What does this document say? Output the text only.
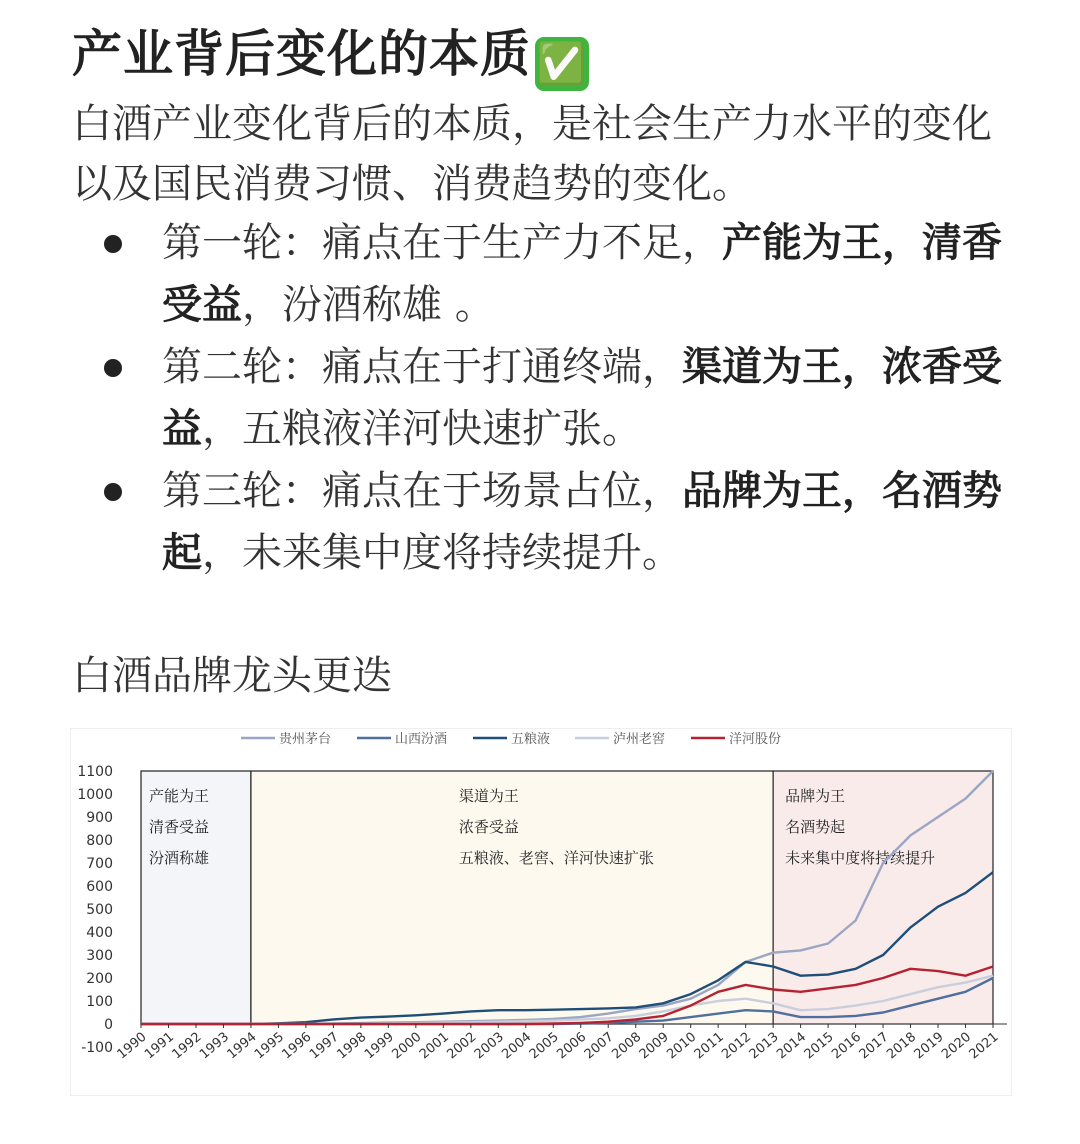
产业背后变化的本质 ✅
白酒产业变化背后的本质，是社会生产力水平的变化以及国民消费习惯、消费趋势的变化。
第一轮：痛点在于生产力不足，产能为王，清香受益，汾酒称雄 。
第二轮：痛点在于打通终端，渠道为王，浓香受益，五粮液洋河快速扩张。
第三轮：痛点在于场景占位，品牌为王，名酒势起，未来集中度将持续提升。
白酒品牌龙头更迭
产能为王
清香受益
汾酒称雄
渠道为王
浓香受益
五粮液、老窖、洋河快速扩张
品牌为王
名酒势起
未来集中度将持续提升
1100
1000
900
800
700
600
500
400
300
200
100
0
-100 1990
1991
1992
1993
1994
1995
1996
1997
1998
1999
2000
2001
2002
2003
2004
2005
2006
2007
2008
2009
2010
2011
2012
2013
2014
2015
2016
2017
2018
2019
2020
2021
贵州茅台	山西汾酒	五粮液	泸州老窖	洋河股份
